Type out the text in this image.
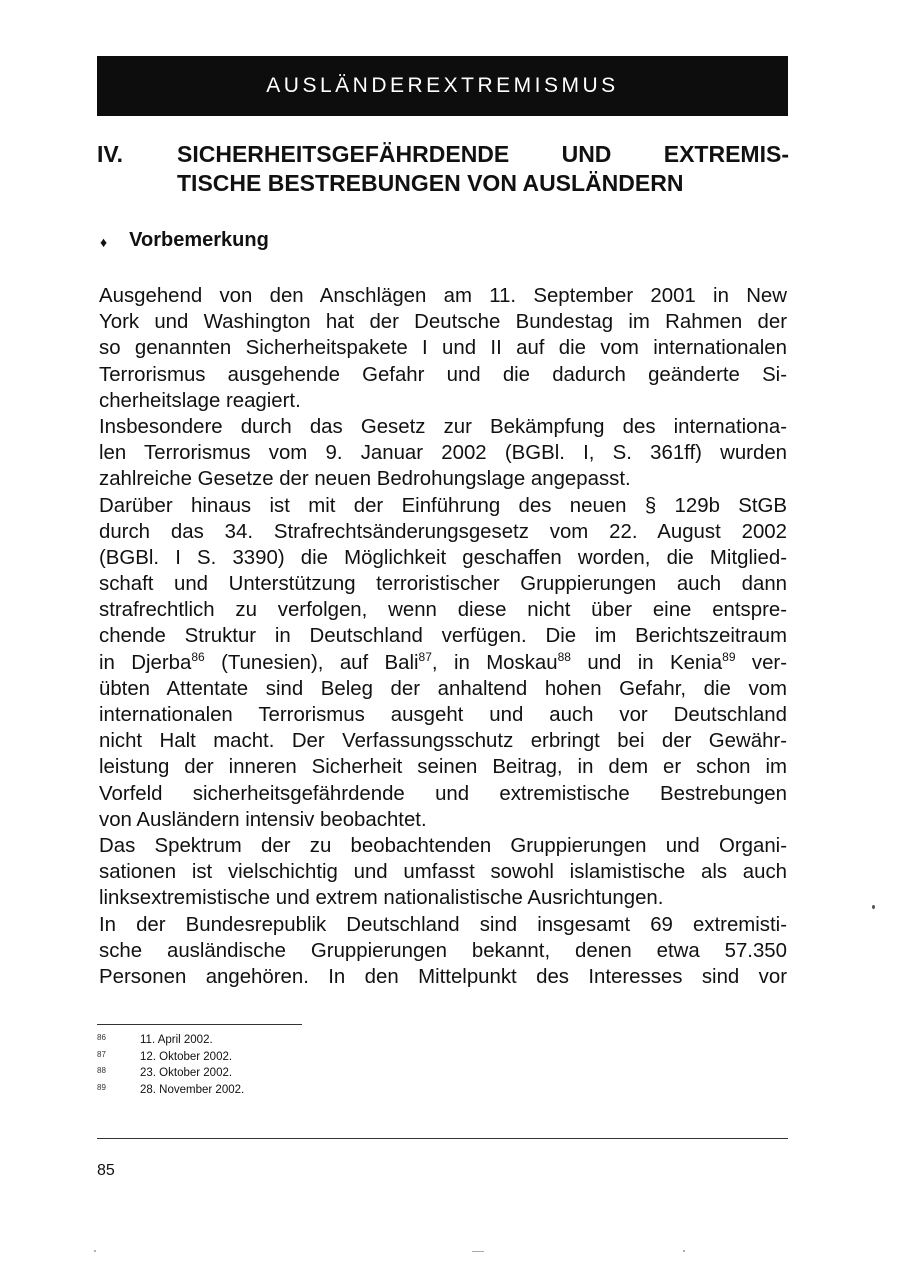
AUSLÄNDEREXTREMISMUS
IV. SICHERHEITSGEFÄHRDENDE UND EXTREMIS-
TISCHE BESTREBUNGEN VON AUSLÄNDERN
♦ Vorbemerkung
Ausgehend von den Anschlägen am 11. September 2001 in New
York und Washington hat der Deutsche Bundestag im Rahmen der
so genannten Sicherheitspakete I und II auf die vom internationalen
Terrorismus ausgehende Gefahr und die dadurch geänderte Si-
cherheitslage reagiert.
Insbesondere durch das Gesetz zur Bekämpfung des internationa-
len Terrorismus vom 9. Januar 2002 (BGBl. I, S. 361ff) wurden
zahlreiche Gesetze der neuen Bedrohungslage angepasst.
Darüber hinaus ist mit der Einführung des neuen § 129b StGB
durch das 34. Strafrechtsänderungsgesetz vom 22. August 2002
(BGBl. I S. 3390) die Möglichkeit geschaffen worden, die Mitglied-
schaft und Unterstützung terroristischer Gruppierungen auch dann
strafrechtlich zu verfolgen, wenn diese nicht über eine entspre-
chende Struktur in Deutschland verfügen. Die im Berichtszeitraum
in Djerba$^{86}$ (Tunesien), auf Bali$^{87}$, in Moskau$^{88}$ und in Kenia$^{89}$ ver-
übten Attentate sind Beleg der anhaltend hohen Gefahr, die vom
internationalen Terrorismus ausgeht und auch vor Deutschland
nicht Halt macht. Der Verfassungsschutz erbringt bei der Gewähr-
leistung der inneren Sicherheit seinen Beitrag, in dem er schon im
Vorfeld sicherheitsgefährdende und extremistische Bestrebungen
von Ausländern intensiv beobachtet.
Das Spektrum der zu beobachtenden Gruppierungen und Organi-
sationen ist vielschichtig und umfasst sowohl islamistische als auch
linksextremistische und extrem nationalistische Ausrichtungen.
In der Bundesrepublik Deutschland sind insgesamt 69 extremisti-
sche ausländische Gruppierungen bekannt, denen etwa 57.350
Personen angehören. In den Mittelpunkt des Interesses sind vor
86	11. April 2002.
87	12. Oktober 2002.
88	23. Oktober 2002.
89	28. November 2002.
85
